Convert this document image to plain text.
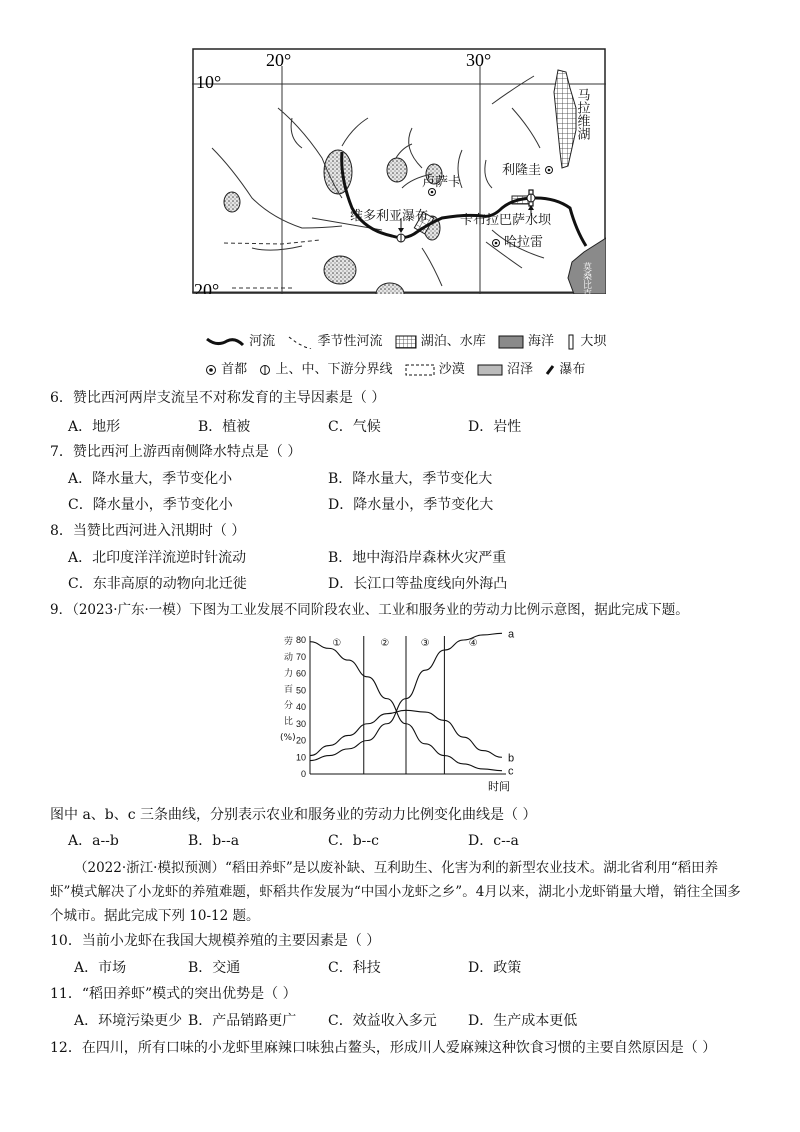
20°	30°
10°
20°
马拉维湖
利隆圭
卢萨卡
维多利亚瀑布 卡布拉巴萨水坝
哈拉雷
莫桑比克海峡
河流	季节性河流	湖泊、水库	海洋 大坝
首都 上、中、下游分界线	沙漠	沼泽 瀑布
6．赞比西河两岸支流呈不对称发育的主导因素是（ ）
A．地形	B．植被	C．气候	D．岩性
7．赞比西河上游西南侧降水特点是（ ）
A．降水量大，季节变化小	B．降水量大，季节变化大
C．降水量小，季节变化小	D．降水量小，季节变化大
8．当赞比西河进入汛期时（ ）
A．北印度洋洋流逆时针流动	B．地中海沿岸森林火灾严重
C．东非高原的动物向北迁徙	D．长江口等盐度线向外海凸
9．（2023·广东·一模）下图为工业发展不同阶段农业、工业和服务业的劳动力比例示意图，据此完成下题。
劳动力百分比(%)
0
10
20
30
40
50
60
70
80	①	②	③	④
a
b
c
时间
图中 a、b、c 三条曲线，分别表示农业和服务业的劳动力比例变化曲线是（ ）
A．a--b	B．b--a	C．b--c	D．c--a
（2022·浙江·模拟预测）“稻田养虾”是以废补缺、互利助生、化害为利的新型农业技术。湖北省利用“稻田养虾”模式解决了小龙虾的养殖难题，虾稻共作发展为“中国小龙虾之乡”。4月以来，湖北小龙虾销量大增，销往全国多个城市。据此完成下列 10-12 题。
10．当前小龙虾在我国大规模养殖的主要因素是（ ）
A．市场	B．交通	C．科技	D．政策
11．“稻田养虾”模式的突出优势是（ ）
A．环境污染更少 B．产品销路更广 C．效益收入多元 D．生产成本更低
12．在四川，所有口味的小龙虾里麻辣口味独占鳌头，形成川人爱麻辣这种饮食习惯的主要自然原因是（ ）
